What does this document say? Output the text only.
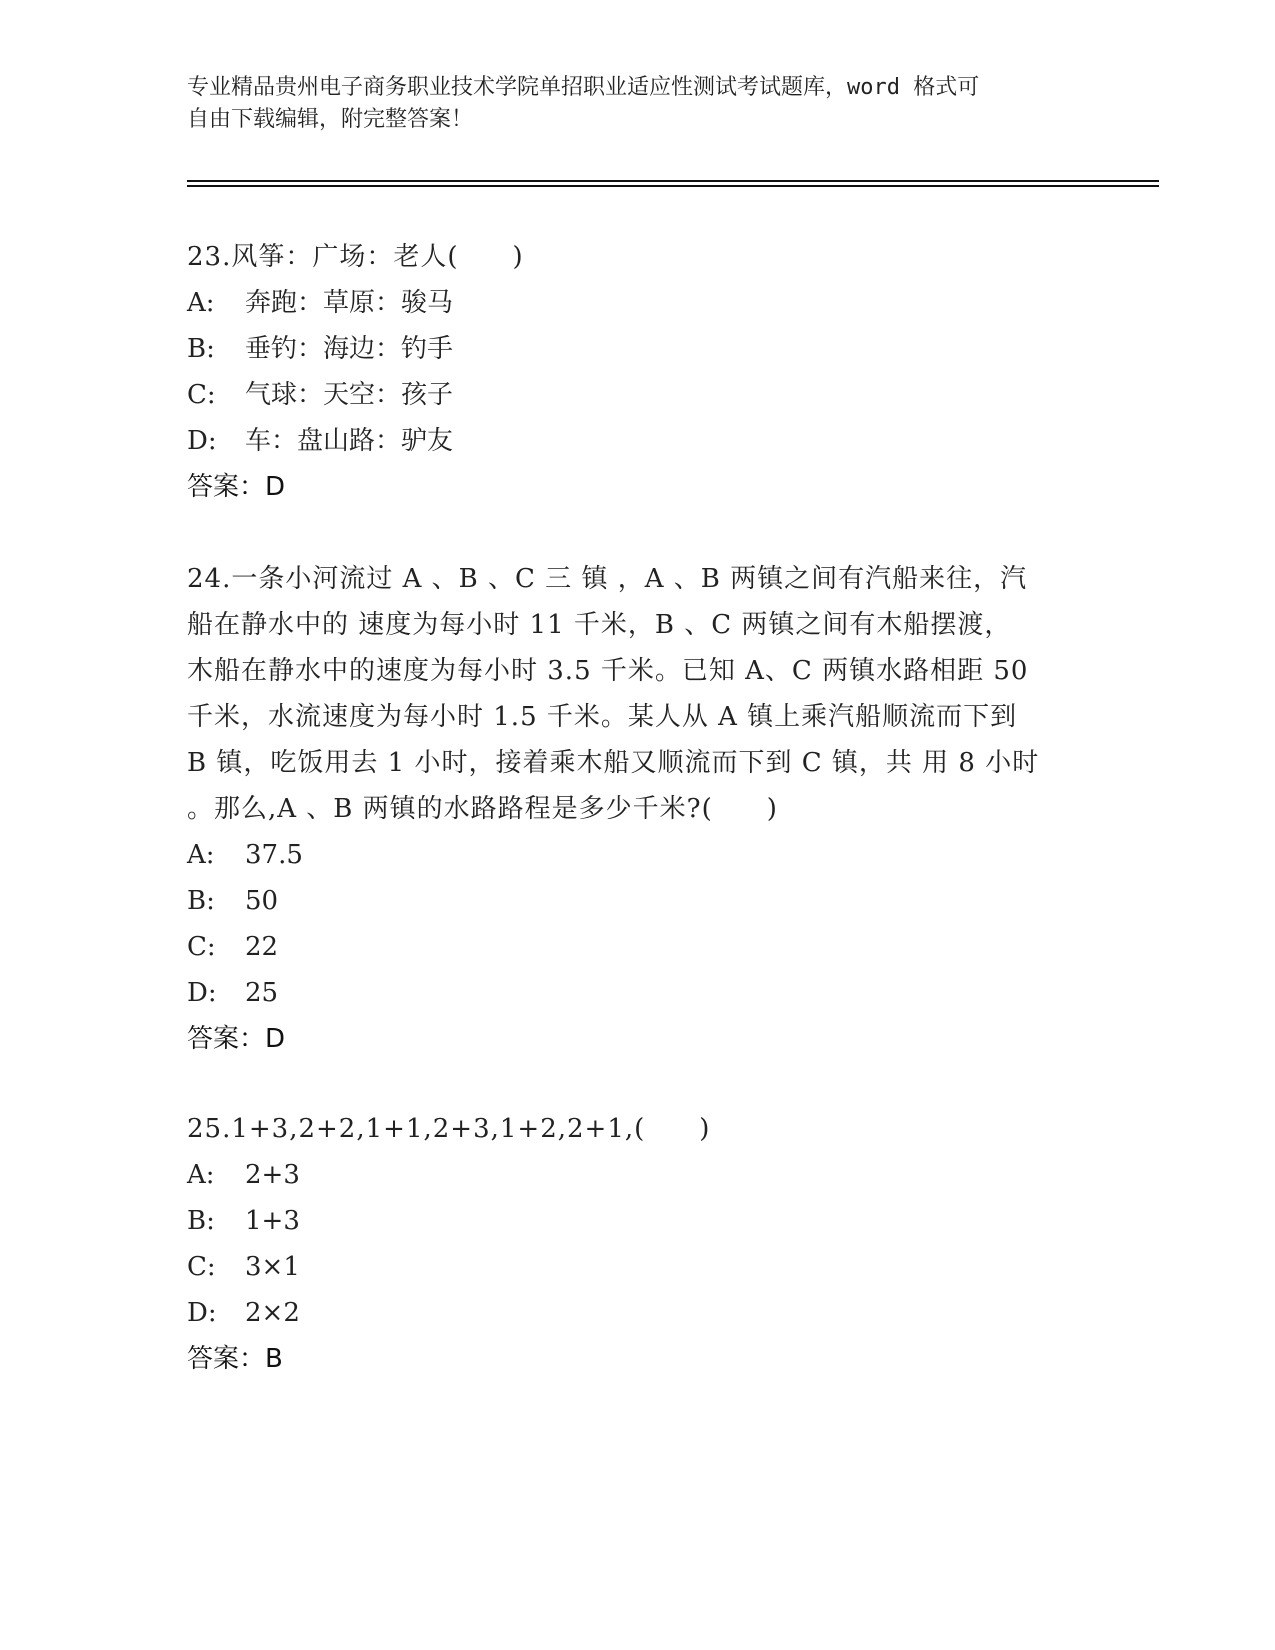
专业精品贵州电子商务职业技术学院单招职业适应性测试考试题库，word 格式可
自由下载编辑，附完整答案！
23.风筝：广场：老人(　　)
A: 奔跑：草原：骏马
B: 垂钓：海边：钓手
C: 气球：天空：孩子
D: 车：盘山路：驴友
答案：D
24.一条小河流过 A 、B 、C 三 镇 ，A 、B 两镇之间有汽船来往，汽
船在静水中的 速度为每小时 11 千米，B 、C 两镇之间有木船摆渡，
木船在静水中的速度为每小时 3.5 千米。已知 A、C 两镇水路相距 50
千米，水流速度为每小时 1.5 千米。某人从 A 镇上乘汽船顺流而下到
B 镇，吃饭用去 1 小时，接着乘木船又顺流而下到 C 镇，共 用 8 小时
。那么,A 、B 两镇的水路路程是多少千米?(　　)
A: 37.5
B: 50
C: 22
D: 25
答案：D
25.1+3,2+2,1+1,2+3,1+2,2+1,(　　)
A: 2+3
B: 1+3
C: 3×1
D: 2×2
答案：B
